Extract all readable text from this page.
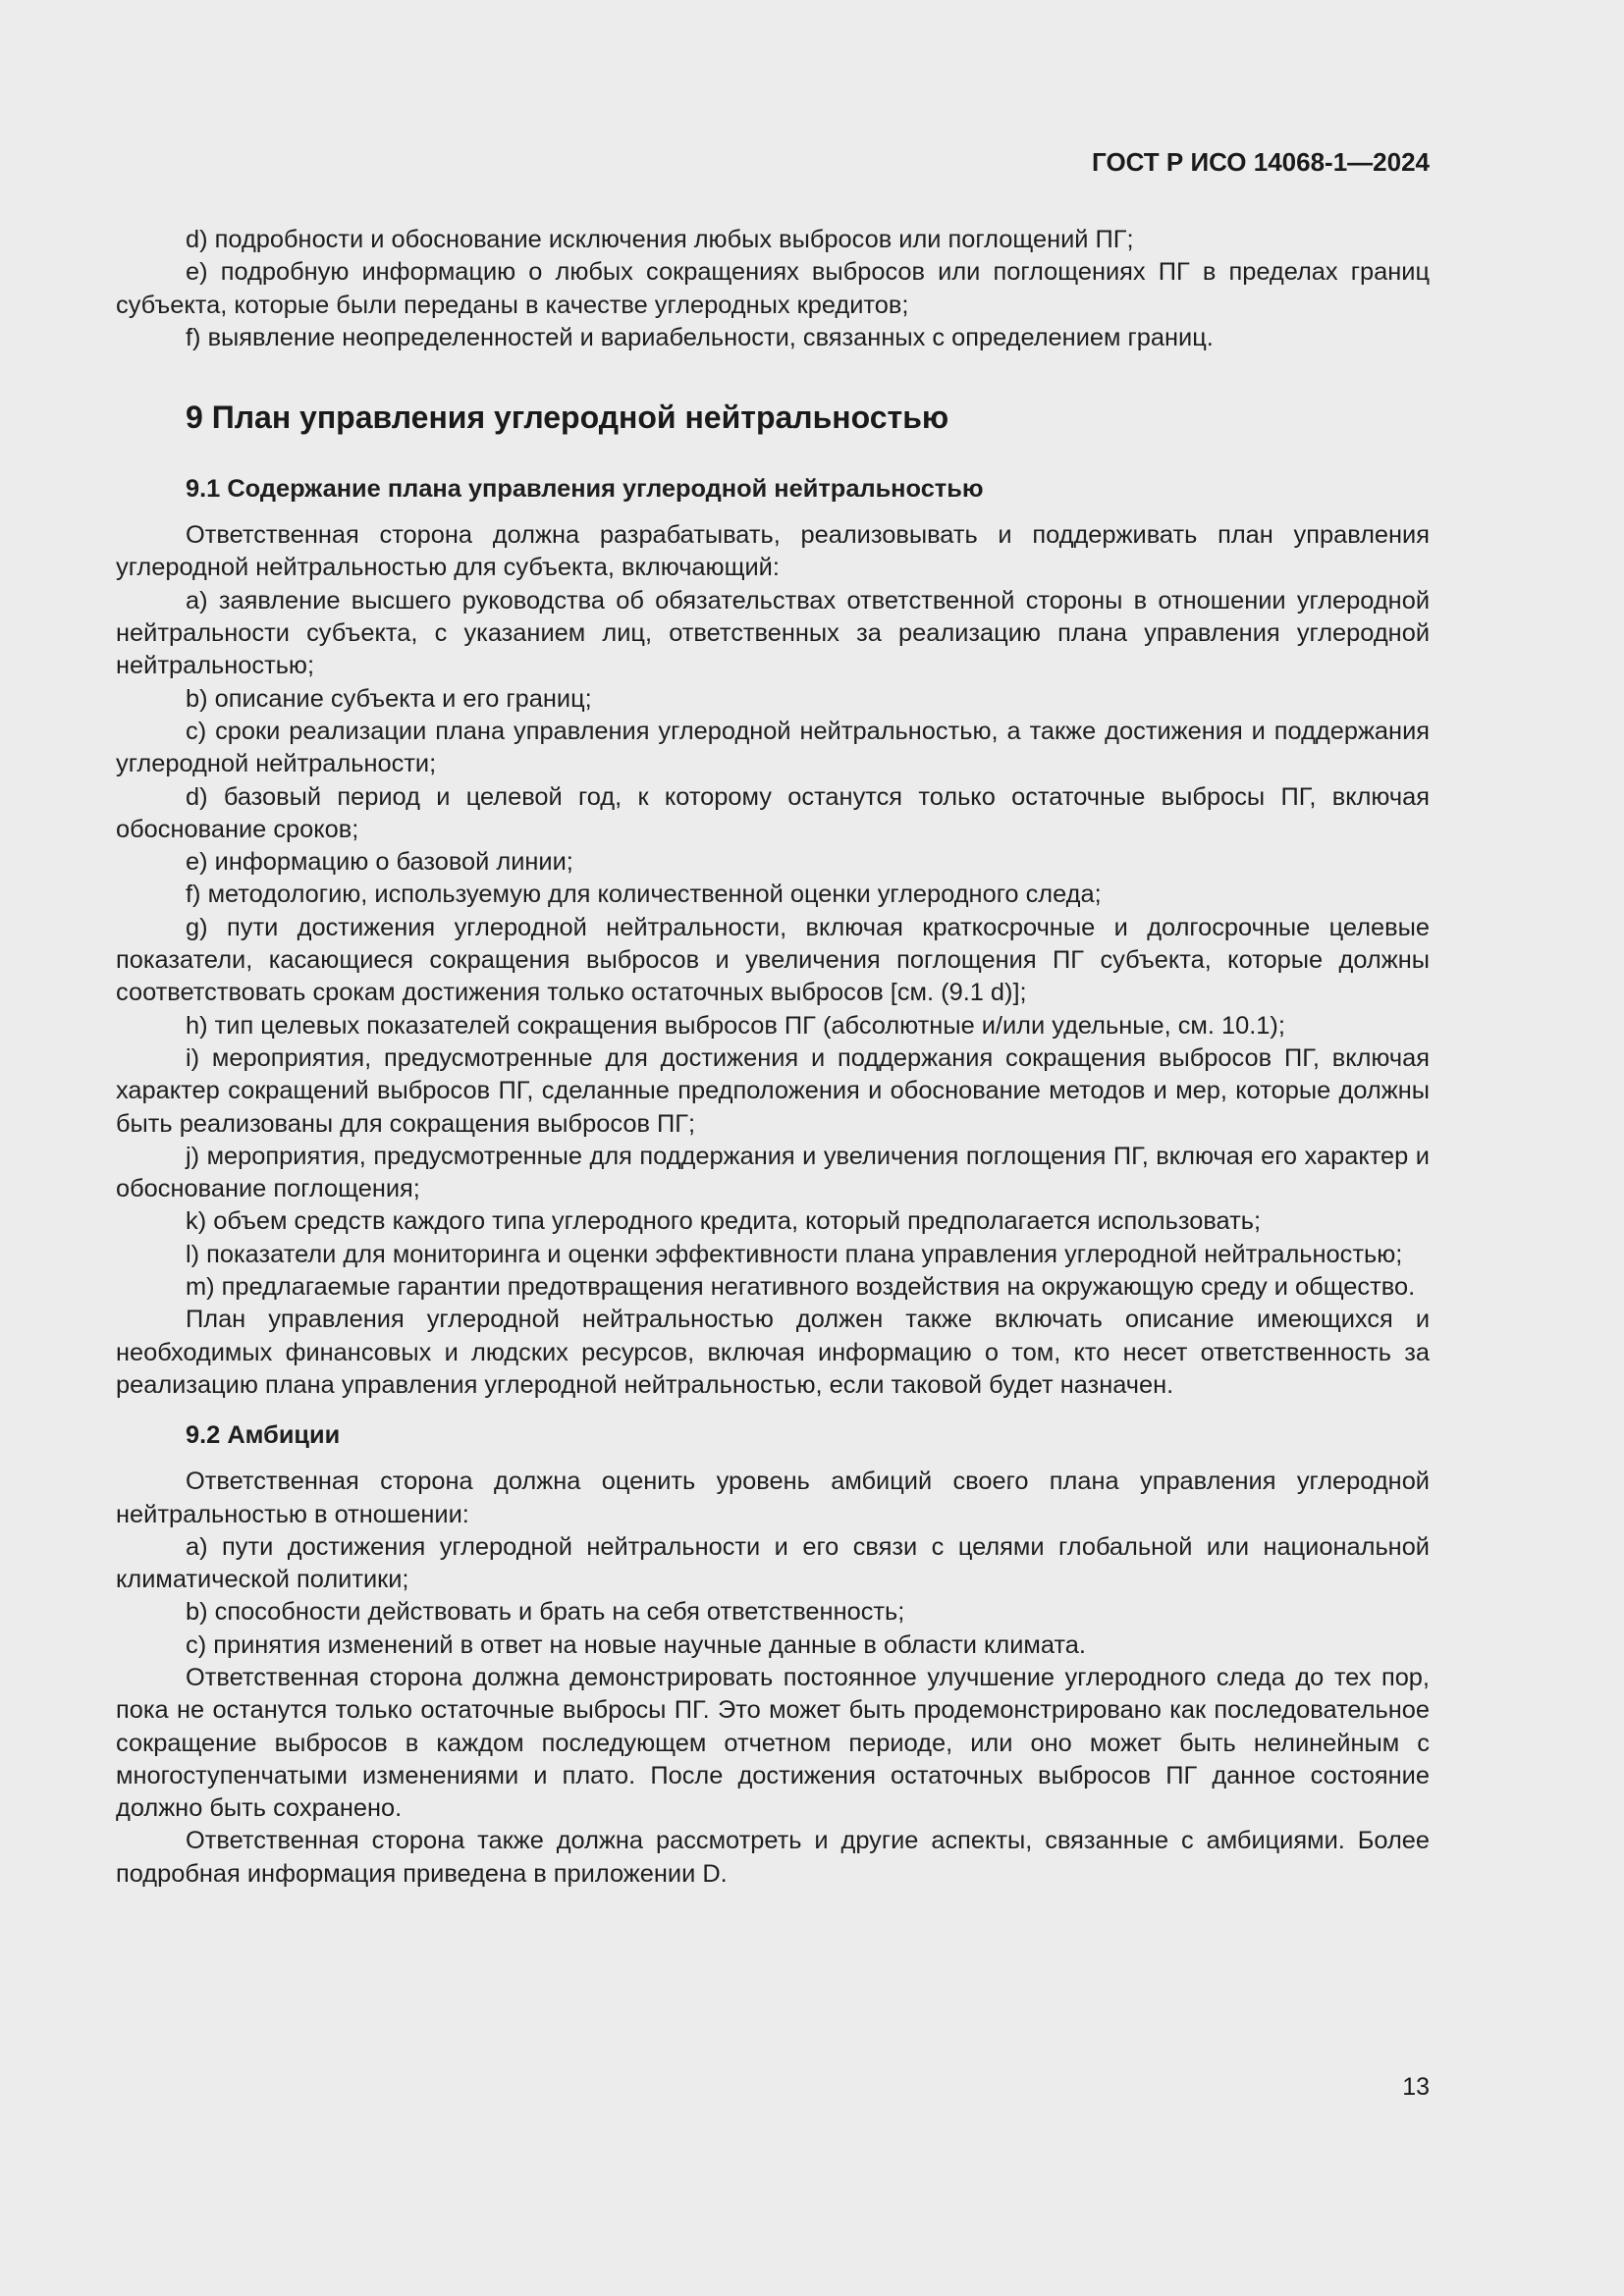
ГОСТ Р ИСО 14068-1—2024

d) подробности и обоснование исключения любых выбросов или поглощений ПГ;

е) подробную информацию о любых сокращениях выбросов или поглощениях ПГ в пределах границ субъекта, которые были переданы в качестве углеродных кредитов;

f) выявление неопределенностей и вариабельности, связанных с определением границ.

9 План управления углеродной нейтральностью
9.1 Содержание плана управления углеродной нейтральностью

Ответственная сторона должна разрабатывать, реализовывать и поддерживать план управления углеродной нейтральностью для субъекта, включающий:

а) заявление высшего руководства об обязательствах ответственной стороны в отношении углеродной нейтральности субъекта, с указанием лиц, ответственных за реализацию плана управления углеродной нейтральностью;

b) описание субъекта и его границ;

с) сроки реализации плана управления углеродной нейтральностью, а также достижения и поддержания углеродной нейтральности;

d) базовый период и целевой год, к которому останутся только остаточные выбросы ПГ, включая обоснование сроков;

е) информацию о базовой линии;

f) методологию, используемую для количественной оценки углеродного следа;

g) пути достижения углеродной нейтральности, включая краткосрочные и долгосрочные целевые показатели, касающиеся сокращения выбросов и увеличения поглощения ПГ субъекта, которые должны соответствовать срокам достижения только остаточных выбросов [см. (9.1 d)];

h) тип целевых показателей сокращения выбросов ПГ (абсолютные и/или удельные, см. 10.1);

i) мероприятия, предусмотренные для достижения и поддержания сокращения выбросов ПГ, включая характер сокращений выбросов ПГ, сделанные предположения и обоснование методов и мер, которые должны быть реализованы для сокращения выбросов ПГ;

j) мероприятия, предусмотренные для поддержания и увеличения поглощения ПГ, включая его характер и обоснование поглощения;

k) объем средств каждого типа углеродного кредита, который предполагается использовать;

l) показатели для мониторинга и оценки эффективности плана управления углеродной нейтральностью;

m) предлагаемые гарантии предотвращения негативного воздействия на окружающую среду и общество.

План управления углеродной нейтральностью должен также включать описание имеющихся и необходимых финансовых и людских ресурсов, включая информацию о том, кто несет ответственность за реализацию плана управления углеродной нейтральностью, если таковой будет назначен.

9.2 Амбиции

Ответственная сторона должна оценить уровень амбиций своего плана управления углеродной нейтральностью в отношении:

а) пути достижения углеродной нейтральности и его связи с целями глобальной или национальной климатической политики;

b) способности действовать и брать на себя ответственность;

с) принятия изменений в ответ на новые научные данные в области климата.

Ответственная сторона должна демонстрировать постоянное улучшение углеродного следа до тех пор, пока не останутся только остаточные выбросы ПГ. Это может быть продемонстрировано как последовательное сокращение выбросов в каждом последующем отчетном периоде, или оно может быть нелинейным с многоступенчатыми изменениями и плато. После достижения остаточных выбросов ПГ данное состояние должно быть сохранено.

Ответственная сторона также должна рассмотреть и другие аспекты, связанные с амбициями. Более подробная информация приведена в приложении D.

13
